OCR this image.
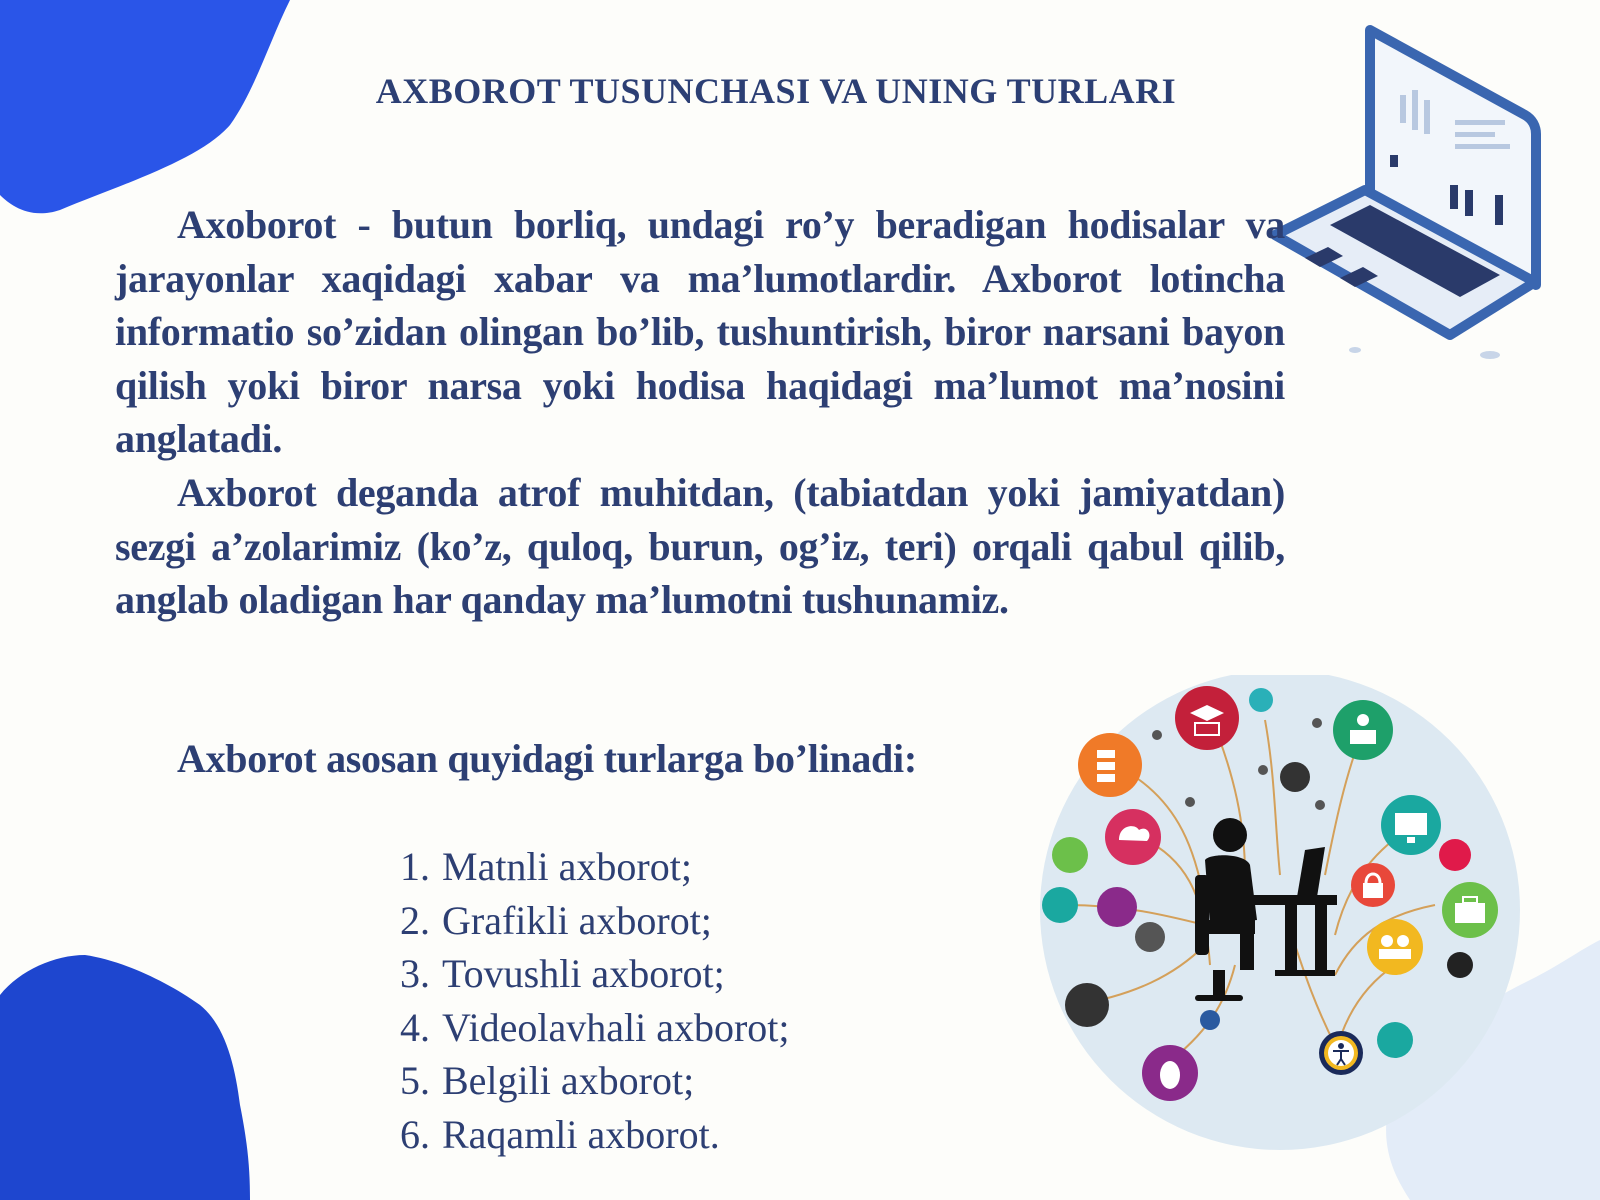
AXBOROT TUSUNCHASI VA UNING TURLARI

Axoborot - butun borliq, undagi ro’y beradigan hodisalar va jarayonlar xaqidagi xabar va ma’lumotlardir. Axborot lotincha informatio so’zidan olingan bo’lib, tushuntirish, biror narsani bayon qilish yoki biror narsa yoki hodisa haqidagi ma’lumot ma’nosini anglatadi.

Axborot deganda atrof muhitdan, (tabiatdan yoki jamiyatdan) sezgi a’zolarimiz (ko’z, quloq, burun, og’iz, teri) orqali qabul qilib, anglab oladigan har qanday ma’lumotni tushunamiz.

Axborot asosan quyidagi turlarga bo’linadi:
1. Matnli axborot;
2. Grafikli axborot;
3. Tovushli axborot;
4. Videolavhali axborot;
5. Belgili axborot;
6. Raqamli axborot.
